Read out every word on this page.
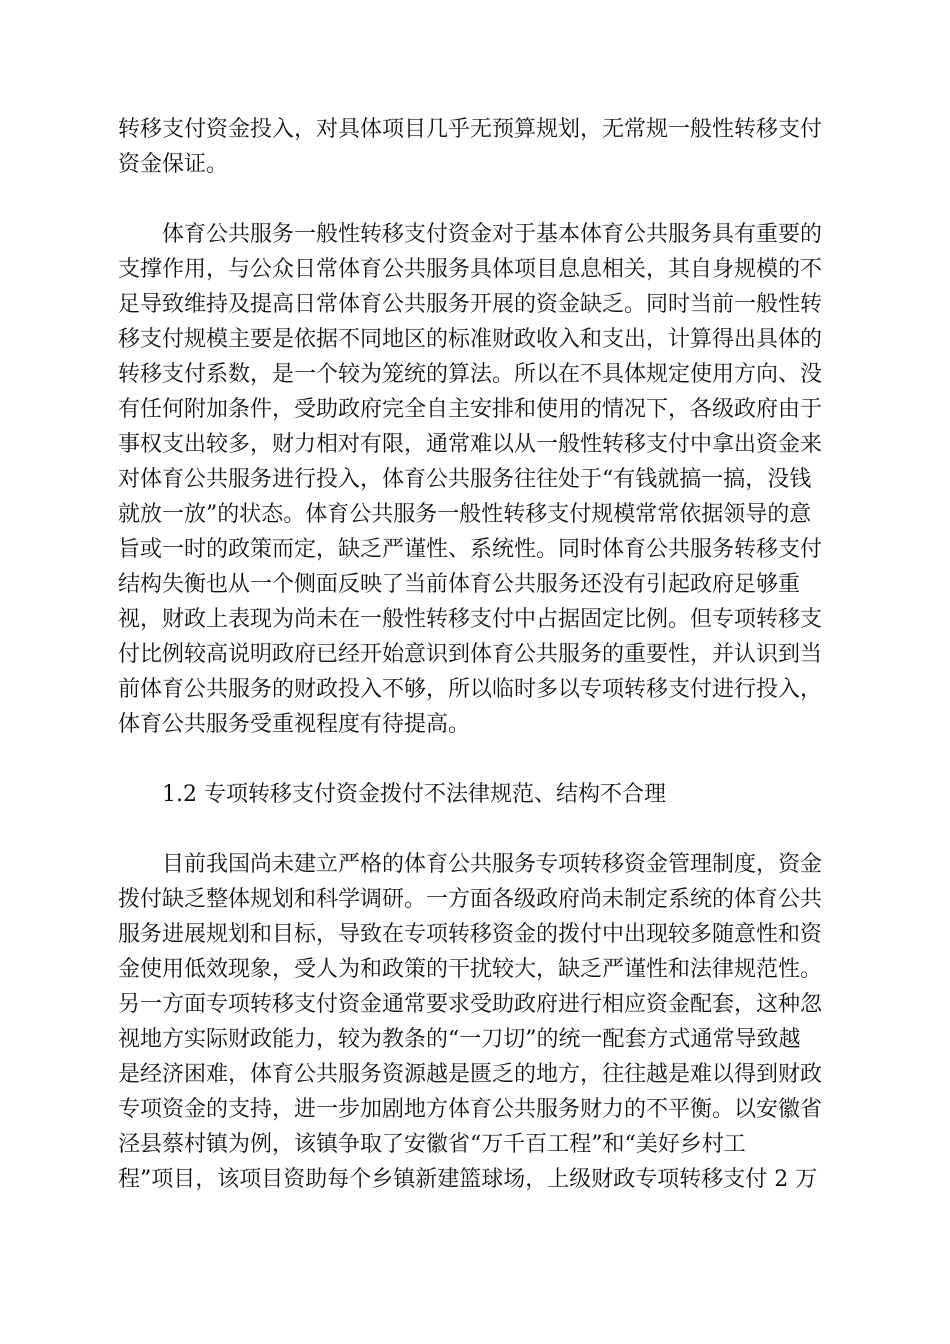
转移支付资金投入，对具体项目几乎无预算规划，无常规一般性转移支付
资金保证。
体育公共服务一般性转移支付资金对于基本体育公共服务具有重要的
支撑作用，与公众日常体育公共服务具体项目息息相关，其自身规模的不
足导致维持及提高日常体育公共服务开展的资金缺乏。同时当前一般性转
移支付规模主要是依据不同地区的标准财政收入和支出，计算得出具体的
转移支付系数，是一个较为笼统的算法。所以在不具体规定使用方向、没
有任何附加条件，受助政府完全自主安排和使用的情况下，各级政府由于
事权支出较多，财力相对有限，通常难以从一般性转移支付中拿出资金来
对体育公共服务进行投入，体育公共服务往往处于“有钱就搞一搞，没钱
就放一放”的状态。体育公共服务一般性转移支付规模常常依据领导的意
旨或一时的政策而定，缺乏严谨性、系统性。同时体育公共服务转移支付
结构失衡也从一个侧面反映了当前体育公共服务还没有引起政府足够重
视，财政上表现为尚未在一般性转移支付中占据固定比例。但专项转移支
付比例较高说明政府已经开始意识到体育公共服务的重要性，并认识到当
前体育公共服务的财政投入不够，所以临时多以专项转移支付进行投入，
体育公共服务受重视程度有待提高。
1.2 专项转移支付资金拨付不法律规范、结构不合理
目前我国尚未建立严格的体育公共服务专项转移资金管理制度，资金
拨付缺乏整体规划和科学调研。一方面各级政府尚未制定系统的体育公共
服务进展规划和目标，导致在专项转移资金的拨付中出现较多随意性和资
金使用低效现象，受人为和政策的干扰较大，缺乏严谨性和法律规范性。
另一方面专项转移支付资金通常要求受助政府进行相应资金配套，这种忽
视地方实际财政能力，较为教条的“一刀切”的统一配套方式通常导致越
是经济困难，体育公共服务资源越是匮乏的地方，往往越是难以得到财政
专项资金的支持，进一步加剧地方体育公共服务财力的不平衡。以安徽省
泾县蔡村镇为例，该镇争取了安徽省“万千百工程”和“美好乡村工
程”项目，该项目资助每个乡镇新建篮球场，上级财政专项转移支付 2 万
